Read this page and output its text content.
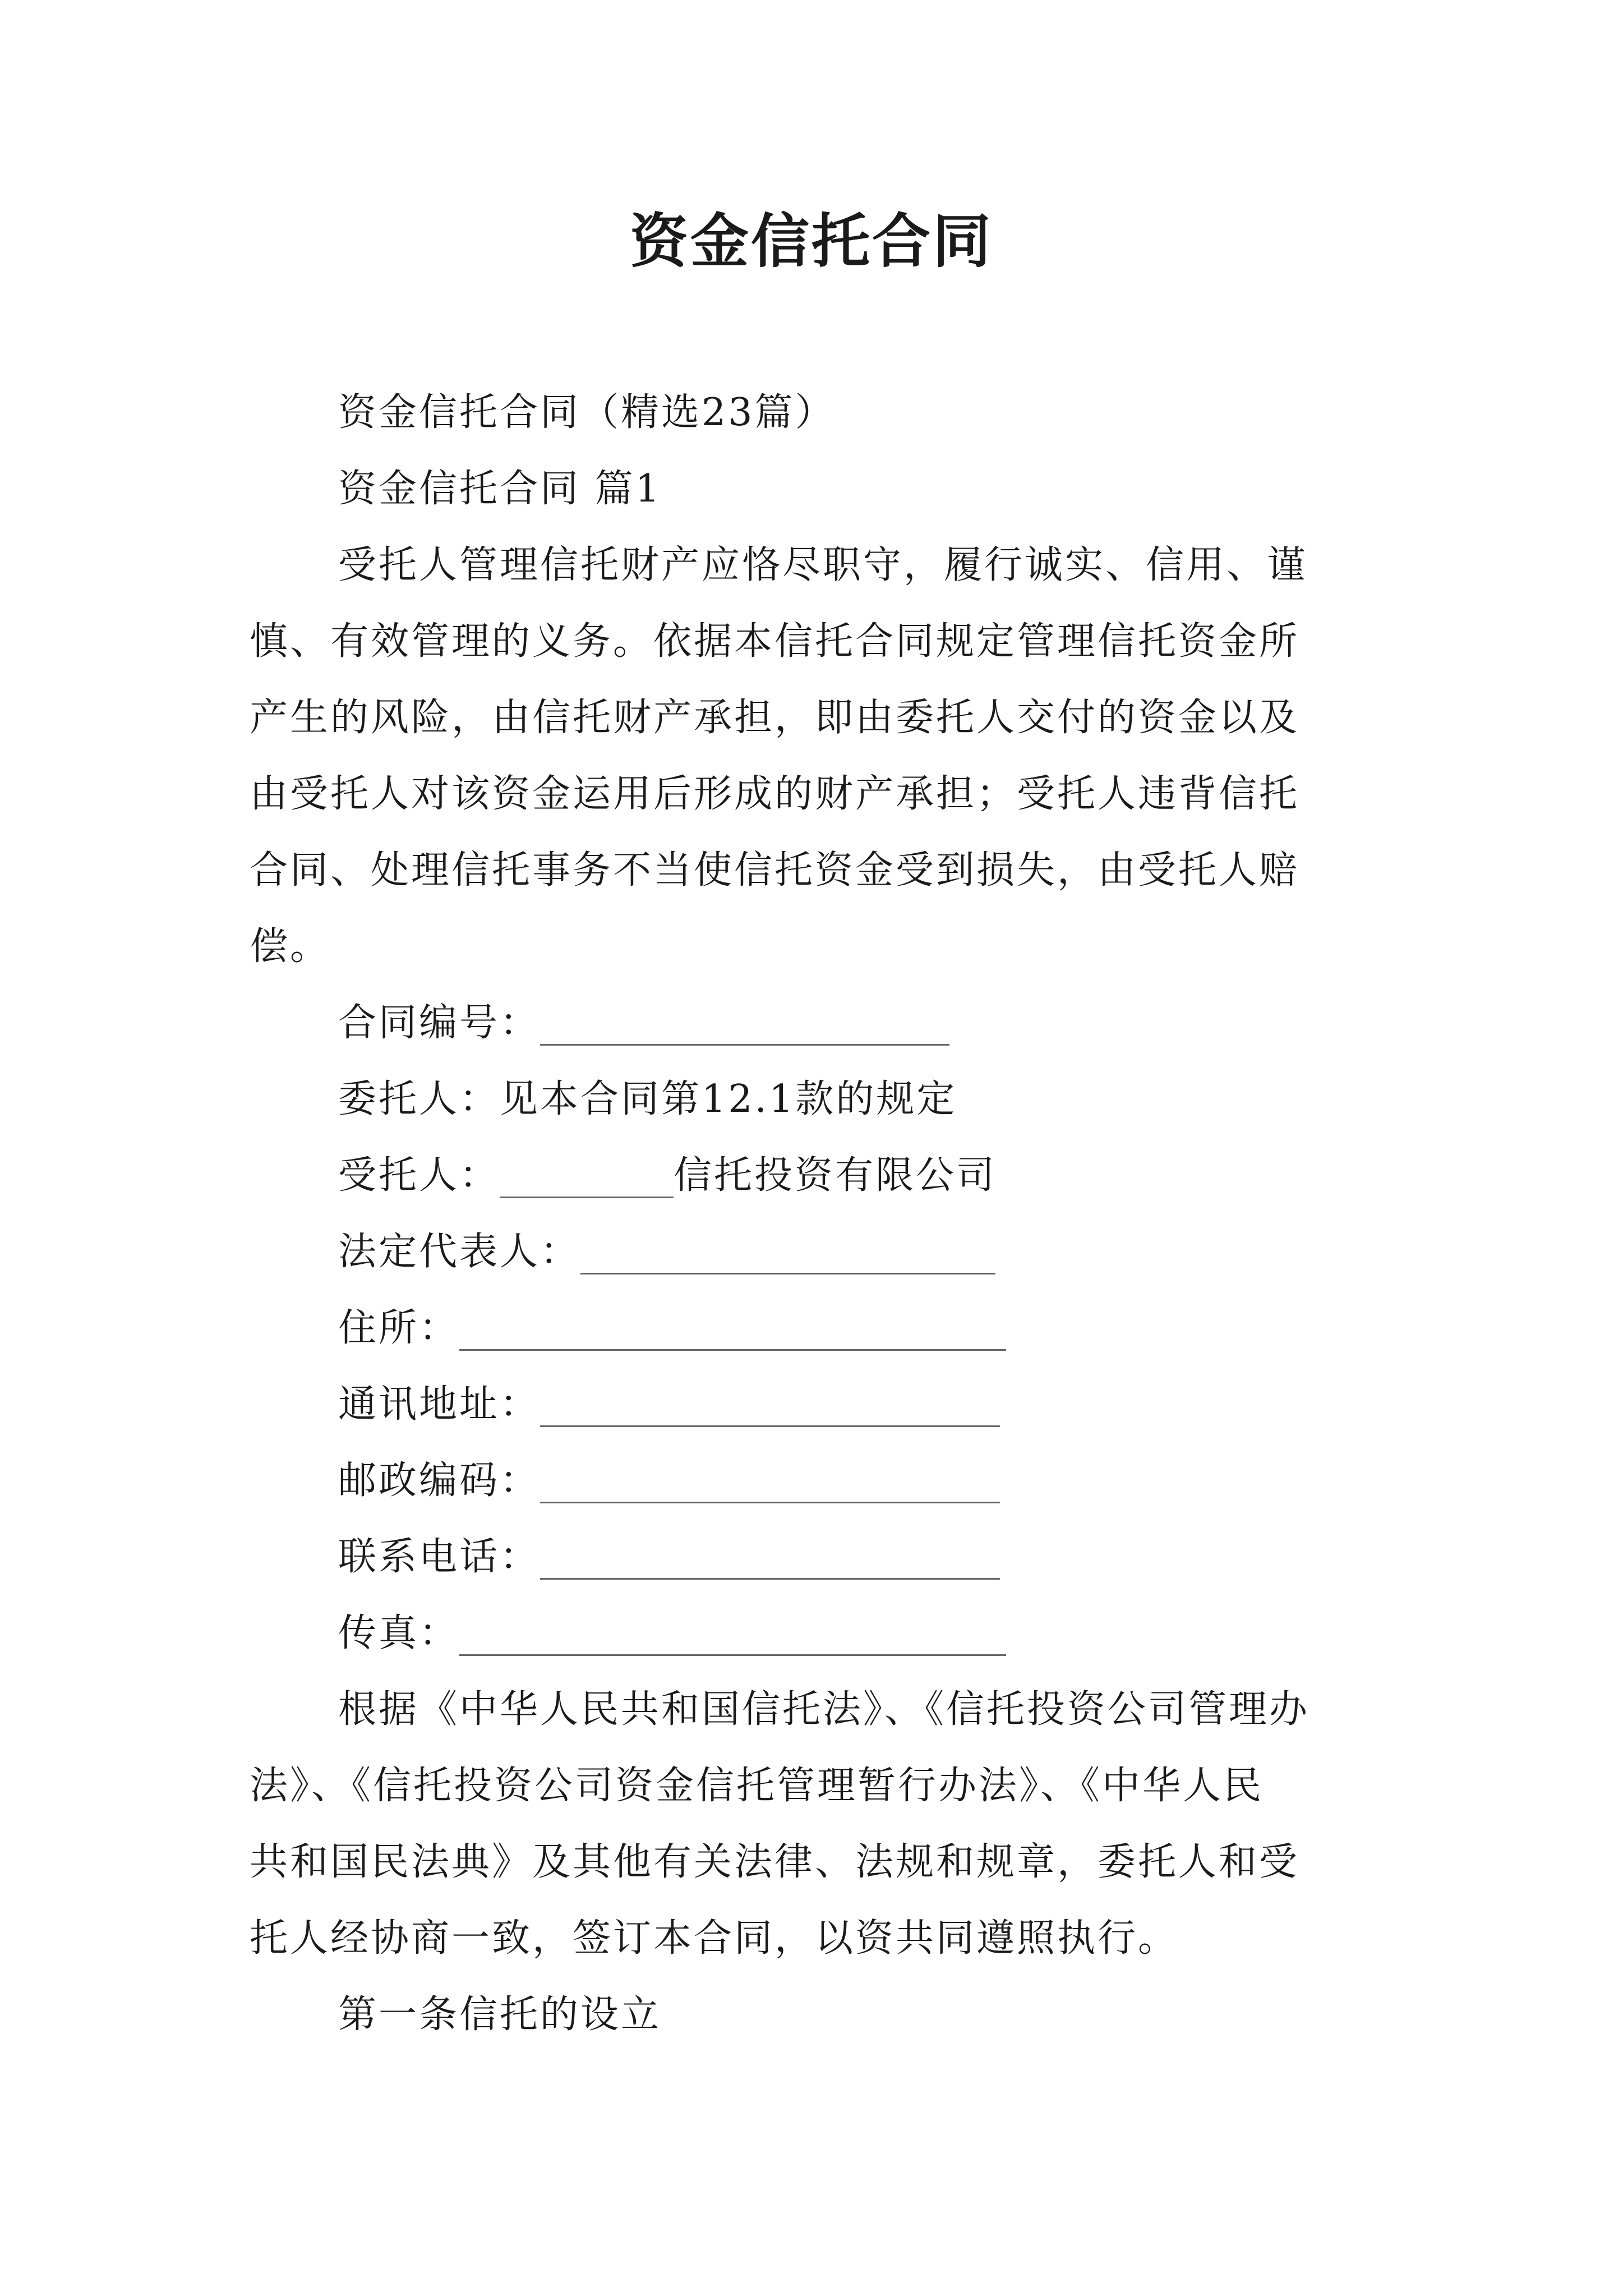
资金信托合同
资金信托合同（精选23篇）
资金信托合同 篇1
受托人管理信托财产应恪尽职守，履行诚实、信用、谨
慎、有效管理的义务。依据本信托合同规定管理信托资金所
产生的风险，由信托财产承担，即由委托人交付的资金以及
由受托人对该资金运用后形成的财产承担；受托人违背信托
合同、处理信托事务不当使信托资金受到损失，由受托人赔
偿。
合同编号：
委托人：见本合同第12.1款的规定
受托人：	信托投资有限公司
法定代表人：
住所：
通讯地址：
邮政编码：
联系电话：
传真：
根据《中华人民共和国信托法》、《信托投资公司管理办
法》、《信托投资公司资金信托管理暂行办法》、《中华人民
共和国民法典》及其他有关法律、法规和规章，委托人和受
托人经协商一致，签订本合同，以资共同遵照执行。
第一条信托的设立
